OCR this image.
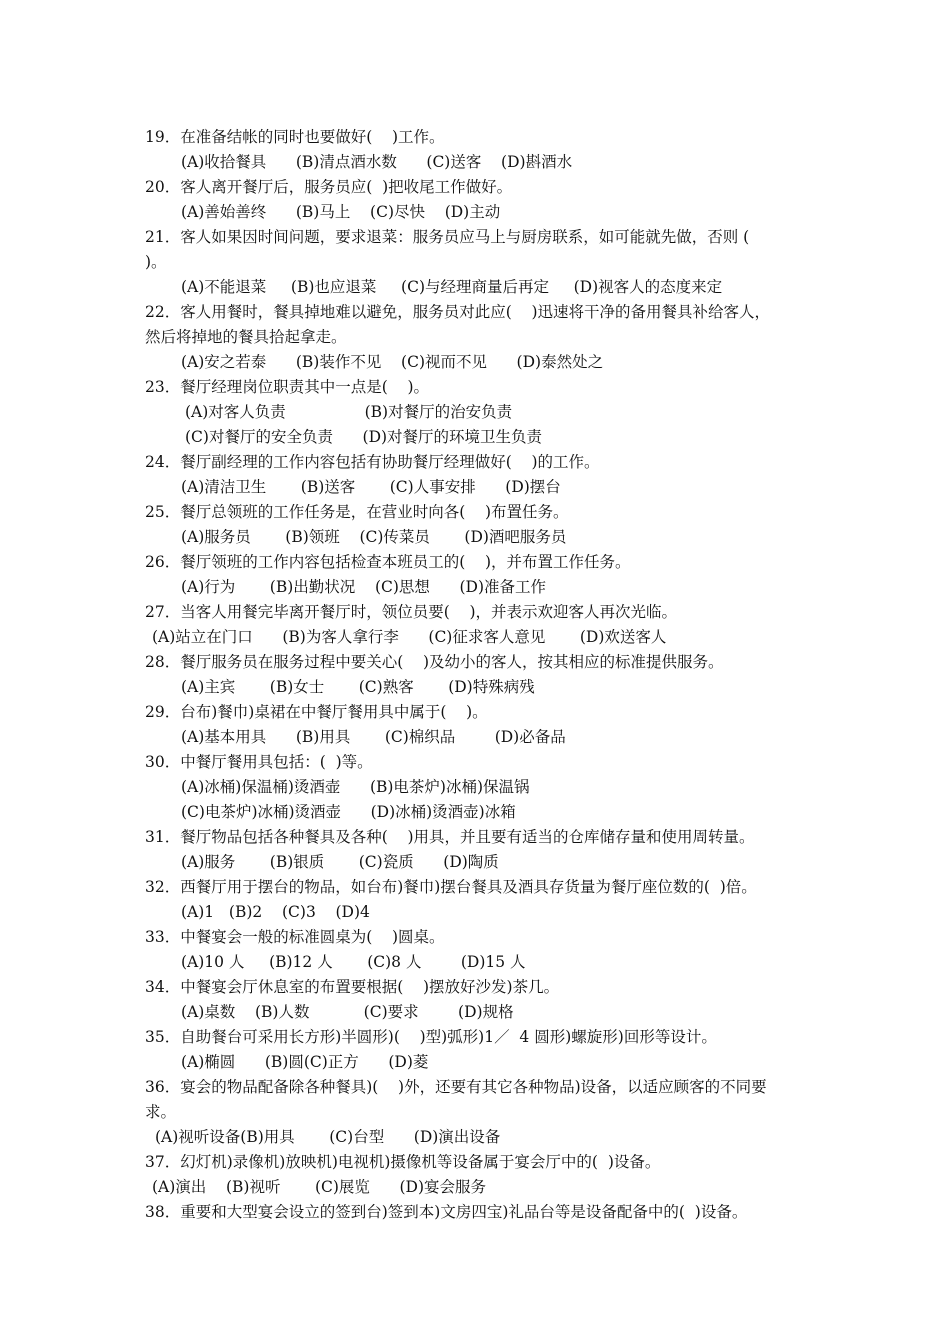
19．在准备结帐的同时也要做好(    )工作。
(A)收拾餐具      (B)清点酒水数      (C)送客    (D)斟酒水
20．客人离开餐厅后，服务员应(  )把收尾工作做好。
(A)善始善终      (B)马上    (C)尽快    (D)主动
21．客人如果因时间问题，要求退菜：服务员应马上与厨房联系，如可能就先做，否则 (
)。
(A)不能退菜     (B)也应退菜     (C)与经理商量后再定     (D)视客人的态度来定
22．客人用餐时，餐具掉地难以避免，服务员对此应(    )迅速将干净的备用餐具补给客人，
然后将掉地的餐具拾起拿走。
(A)安之若泰      (B)装作不见    (C)视而不见      (D)泰然处之
23．餐厅经理岗位职责其中一点是(    )。
(A)对客人负责                (B)对餐厅的治安负责
(C)对餐厅的安全负责      (D)对餐厅的环境卫生负责
24．餐厅副经理的工作内容包括有协助餐厅经理做好(    )的工作。
(A)清洁卫生       (B)送客       (C)人事安排      (D)摆台
25．餐厅总领班的工作任务是，在营业时向各(    )布置任务。
(A)服务员       (B)领班    (C)传菜员       (D)酒吧服务员
26．餐厅领班的工作内容包括检查本班员工的(    )，并布置工作任务。
(A)行为       (B)出勤状况    (C)思想      (D)准备工作
27．当客人用餐完毕离开餐厅时，领位员要(    )，并表示欢迎客人再次光临。
(A)站立在门口      (B)为客人拿行李      (C)征求客人意见       (D)欢送客人
28．餐厅服务员在服务过程中要关心(    )及幼小的客人，按其相应的标准提供服务。
(A)主宾       (B)女士       (C)熟客       (D)特殊病残
29．台布)餐巾)桌裙在中餐厅餐用具中属于(    )。
(A)基本用具      (B)用具       (C)棉织品        (D)必备品
30．中餐厅餐用具包括：(  )等。
(A)冰桶)保温桶)烫酒壶      (B)电茶炉)冰桶)保温锅
(C)电茶炉)冰桶)烫酒壶      (D)冰桶)烫酒壶)冰箱
31．餐厅物品包括各种餐具及各种(    )用具，并且要有适当的仓库储存量和使用周转量。
(A)服务       (B)银质       (C)瓷质      (D)陶质
32．西餐厅用于摆台的物品，如台布)餐巾)摆台餐具及酒具存货量为餐厅座位数的(  )倍。
(A)1   (B)2    (C)3    (D)4
33．中餐宴会一般的标准圆桌为(    )圆桌。
(A)10 人     (B)12 人       (C)8 人        (D)15 人
34．中餐宴会厅休息室的布置要根据(    )摆放好沙发)茶几。
(A)桌数    (B)人数           (C)要求        (D)规格
35．自助餐台可采用长方形)半圆形)(    )型)弧形)1／  4 圆形)螺旋形)回形等设计。
(A)椭圆      (B)圆(C)正方      (D)菱
36．宴会的物品配备除各种餐具)(    )外，还要有其它各种物品)设备，以适应顾客的不同要
求。
(A)视听设备(B)用具       (C)台型      (D)演出设备
37．幻灯机)录像机)放映机)电视机)摄像机等设备属于宴会厅中的(  )设备。
(A)演出    (B)视听       (C)展览      (D)宴会服务
38．重要和大型宴会设立的签到台)签到本)文房四宝)礼品台等是设备配备中的(  )设备。
